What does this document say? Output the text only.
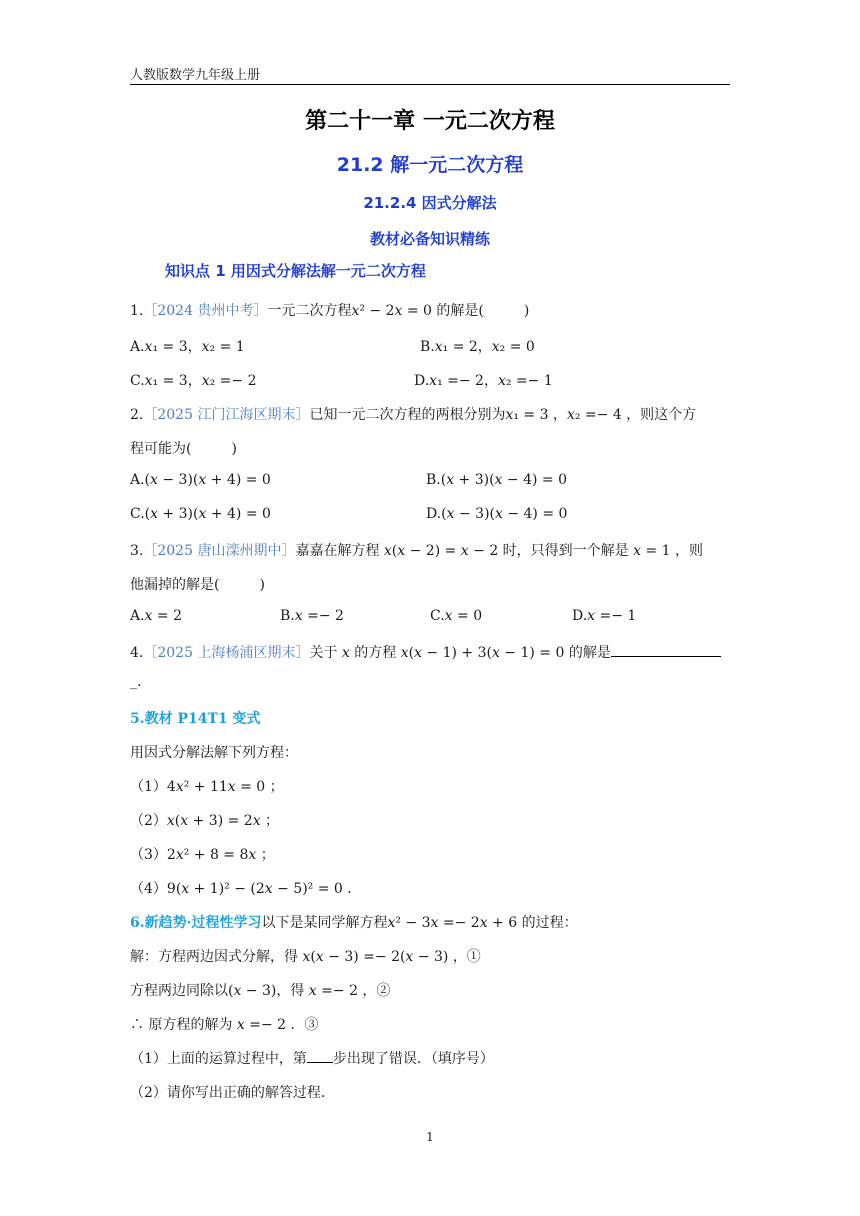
人教版数学九年级上册
第二十一章 一元二次方程
21.2 解一元二次方程
21.2.4 因式分解法
教材必备知识精练
知识点 1 用因式分解法解一元二次方程
1.［2024 贵州中考］一元二次方程𝑥² − 2𝑥 = 0 的解是(	)
A.𝑥₁ = 3，𝑥₂ = 1	B.𝑥₁ = 2，𝑥₂ = 0
C.𝑥₁ = 3，𝑥₂ =− 2	D.𝑥₁ =− 2，𝑥₂ =− 1
2.［2025 江门江海区期末］已知一元二次方程的两根分别为𝑥₁ = 3 ，𝑥₂ =− 4 ，则这个方
程可能为(	)
A.(𝑥 − 3)(𝑥 + 4) = 0	B.(𝑥 + 3)(𝑥 − 4) = 0
C.(𝑥 + 3)(𝑥 + 4) = 0	D.(𝑥 − 3)(𝑥 − 4) = 0
3.［2025 唐山滦州期中］嘉嘉在解方程 𝑥(𝑥 − 2) = 𝑥 − 2 时，只得到一个解是 𝑥 = 1 ，则
他漏掉的解是(	)
A.𝑥 = 2	B.𝑥 =− 2	C.𝑥 = 0	D.𝑥 =− 1
4.［2025 上海杨浦区期末］关于 𝑥 的方程 𝑥(𝑥 − 1) + 3(𝑥 − 1) = 0 的解是
_.
5.教材 P14T1 变式
用因式分解法解下列方程：
（1）4𝑥² + 11𝑥 = 0 ；
（2）𝑥(𝑥 + 3) = 2𝑥 ；
（3）2𝑥² + 8 = 8𝑥 ；
（4）9(𝑥 + 1)² − (2𝑥 − 5)² = 0 ．
6.新趋势·过程性学习以下是某同学解方程𝑥² − 3𝑥 =− 2𝑥 + 6 的过程：
解：方程两边因式分解，得 𝑥(𝑥 − 3) =− 2(𝑥 − 3) ，①
方程两边同除以(𝑥 − 3)，得 𝑥 =− 2 ，②
∴ 原方程的解为 𝑥 =− 2 ．③
（1）上面的运算过程中，第 步出现了错误．（填序号）
（2）请你写出正确的解答过程．
1
